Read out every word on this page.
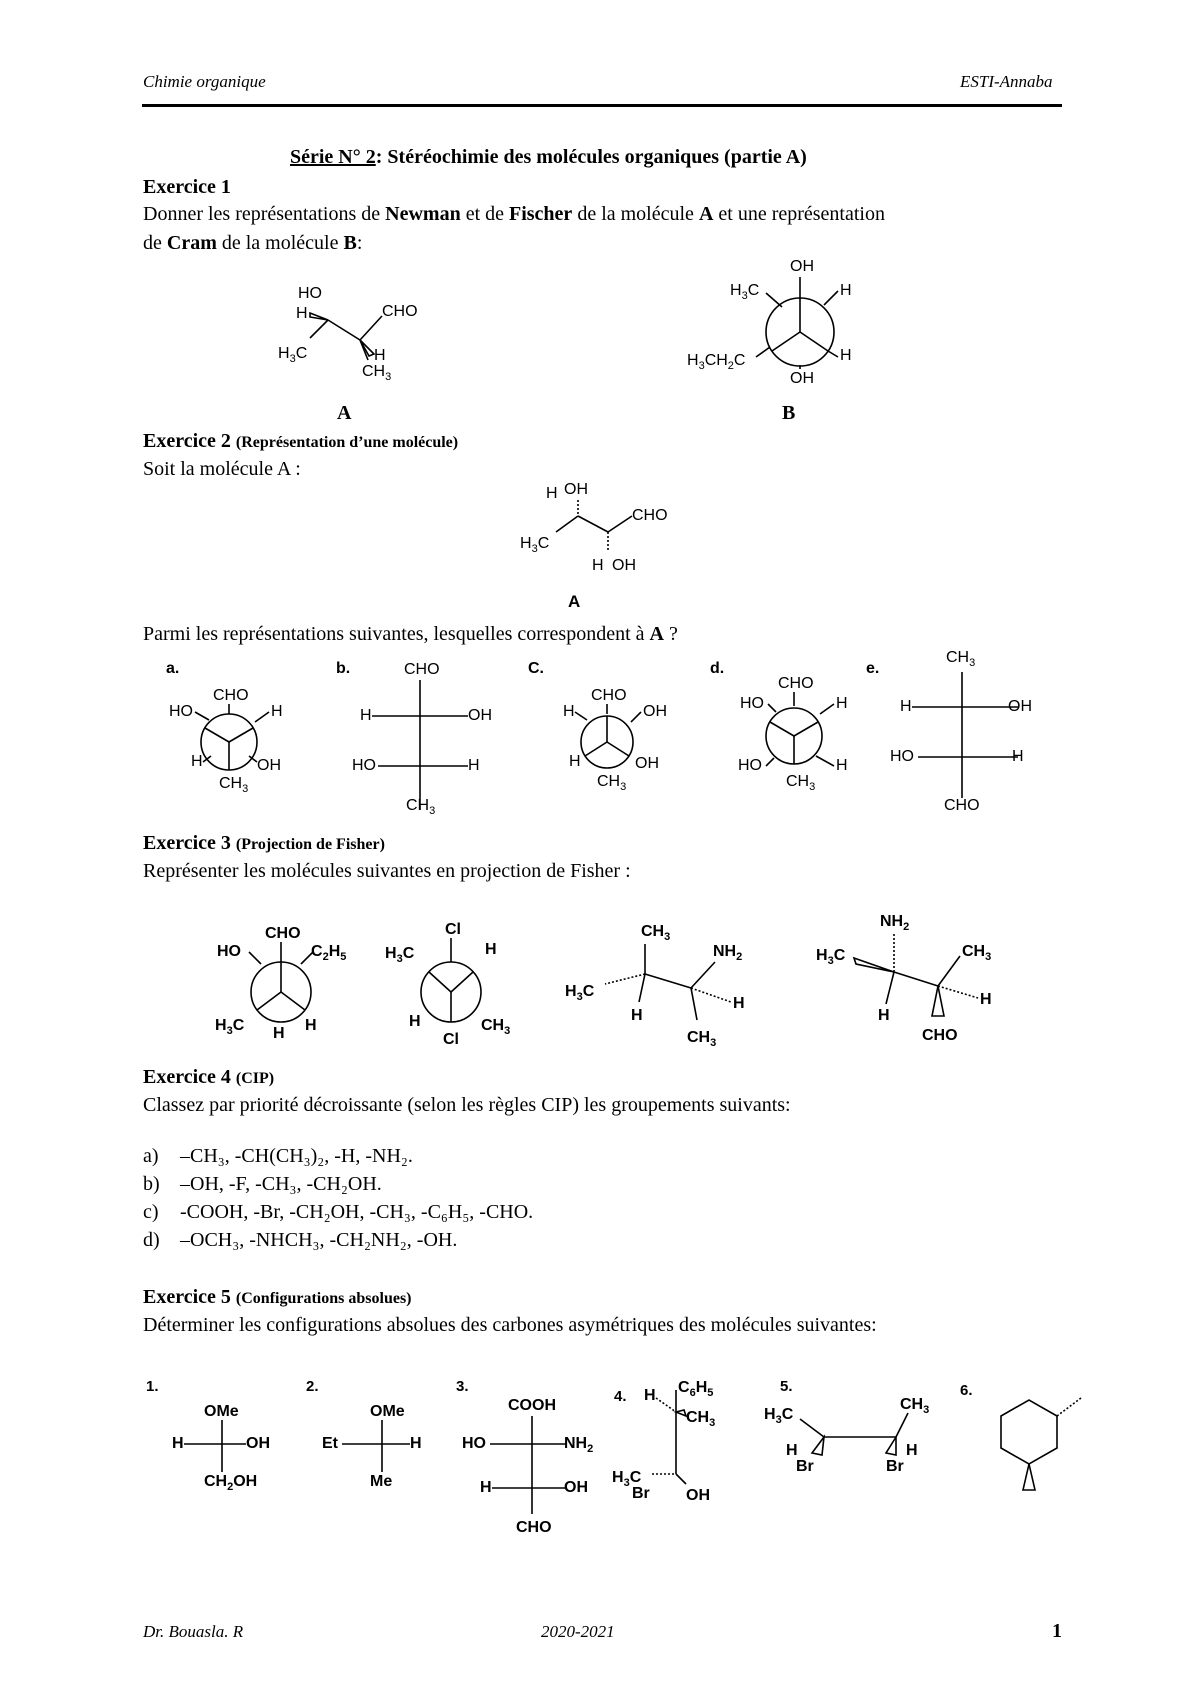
Chimie organique	ESTI-Annaba
Série N° 2: Stéréochimie des molécules organiques (partie A)
Exercice 1
Donner les représentations de Newman et de Fischer de la molécule A et une représentation
de Cram de la molécule B:
HO
H
$H_3C$
CHO
H
$CH_3$
A
OH
$H_3C$	H
H
$H_3CH_2C$
OH
B
Exercice 2 (Représentation d’une molécule)
Soit la molécule A :
H OH
$H_3C$
CHO
H OH
A
Parmi les représentations suivantes, lesquelles correspondent à A ?
a.	b.	C.	d.	e.
CHO
HO	H
H	OH
$CH_3$
CHO
H	OH
HO	H
$CH_3$
CHO
H	OH
H	OH
$CH_3$
CHO
HO	H
HO	H
$CH_3$
$CH_3$
H	OH
HO	H
CHO
Exercice 3 (Projection de Fisher)
Représenter les molécules suivantes en projection de Fisher :
CHO
HO	$C_2H_5$
$H_3C$ H H
Cl
$H_3C$	H
H	$CH_3$
Cl
$CH_3$
$NH_2$
$H_3C$
H
H
$CH_3$
$NH_2$
$CH_3$
$H_3C$
H
H
CHO
Exercice 4 (CIP)
Classez par priorité décroissante (selon les règles CIP) les groupements suivants:
a) –CH₃, -CH(CH₃)₂, -H, -NH₂.
b) –OH, -F, -CH₃, -CH₂OH.
c) -COOH, -Br, -CH₂OH, -CH₃, -C₆H₅, -CHO.
d) –OCH₃, -NHCH₃, -CH₂NH₂, -OH.
Exercice 5 (Configurations absolues)
Déterminer les configurations absolues des carbones asymétriques des molécules suivantes:
1.	2.	3.
4.
5.	6.
OMe
H	OH
$CH_2OH$
OMe
Et	H
Me
COOH
HO	$NH_2$
H	OH
CHO
H $C_6H_5$
$CH_3$
$H_3C$
Br OH
$H_3C$
$CH_3$
H
Br
H
Br
Dr. Bouasla. R	2020-2021	1
